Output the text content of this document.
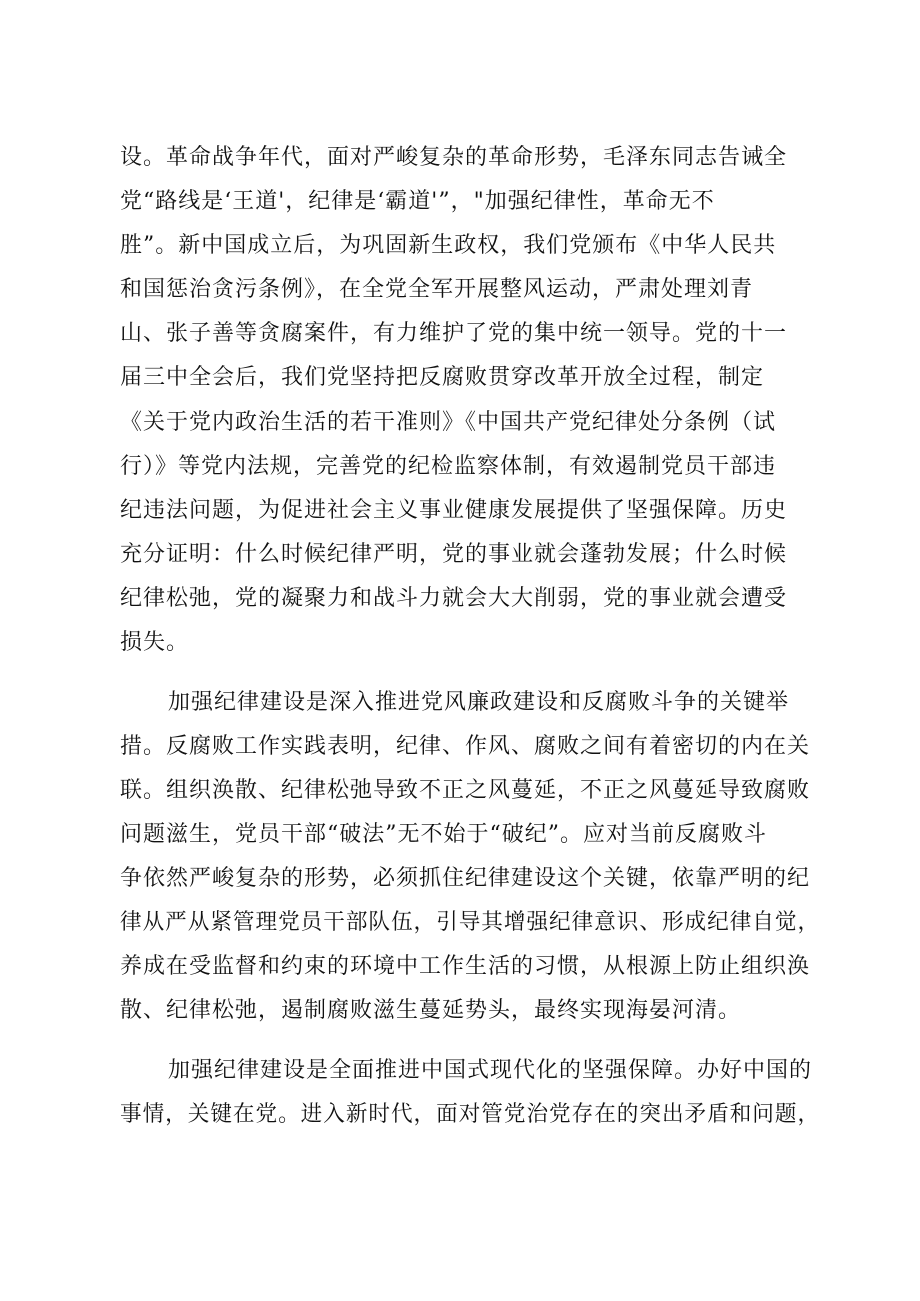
设。革命战争年代，面对严峻复杂的革命形势，毛泽东同志告诫全
党“路线是‘王道'，纪律是‘霸道'”，"加强纪律性，革命无不
胜”。新中国成立后，为巩固新生政权，我们党颁布《中华人民共
和国惩治贪污条例》，在全党全军开展整风运动，严肃处理刘青
山、张子善等贪腐案件，有力维护了党的集中统一领导。党的十一
届三中全会后，我们党坚持把反腐败贯穿改革开放全过程，制定
《关于党内政治生活的若干准则》《中国共产党纪律处分条例（试
行）》等党内法规，完善党的纪检监察体制，有效遏制党员干部违
纪违法问题，为促进社会主义事业健康发展提供了坚强保障。历史
充分证明：什么时候纪律严明，党的事业就会蓬勃发展；什么时候
纪律松弛，党的凝聚力和战斗力就会大大削弱，党的事业就会遭受
损失。
加强纪律建设是深入推进党风廉政建设和反腐败斗争的关键举
措。反腐败工作实践表明，纪律、作风、腐败之间有着密切的内在关
联。组织涣散、纪律松弛导致不正之风蔓延，不正之风蔓延导致腐败
问题滋生，党员干部“破法”无不始于“破纪”。应对当前反腐败斗
争依然严峻复杂的形势，必须抓住纪律建设这个关键，依靠严明的纪
律从严从紧管理党员干部队伍，引导其增强纪律意识、形成纪律自觉，
养成在受监督和约束的环境中工作生活的习惯，从根源上防止组织涣
散、纪律松弛，遏制腐败滋生蔓延势头，最终实现海晏河清。
加强纪律建设是全面推进中国式现代化的坚强保障。办好中国的
事情，关键在党。进入新时代，面对管党治党存在的突出矛盾和问题，
